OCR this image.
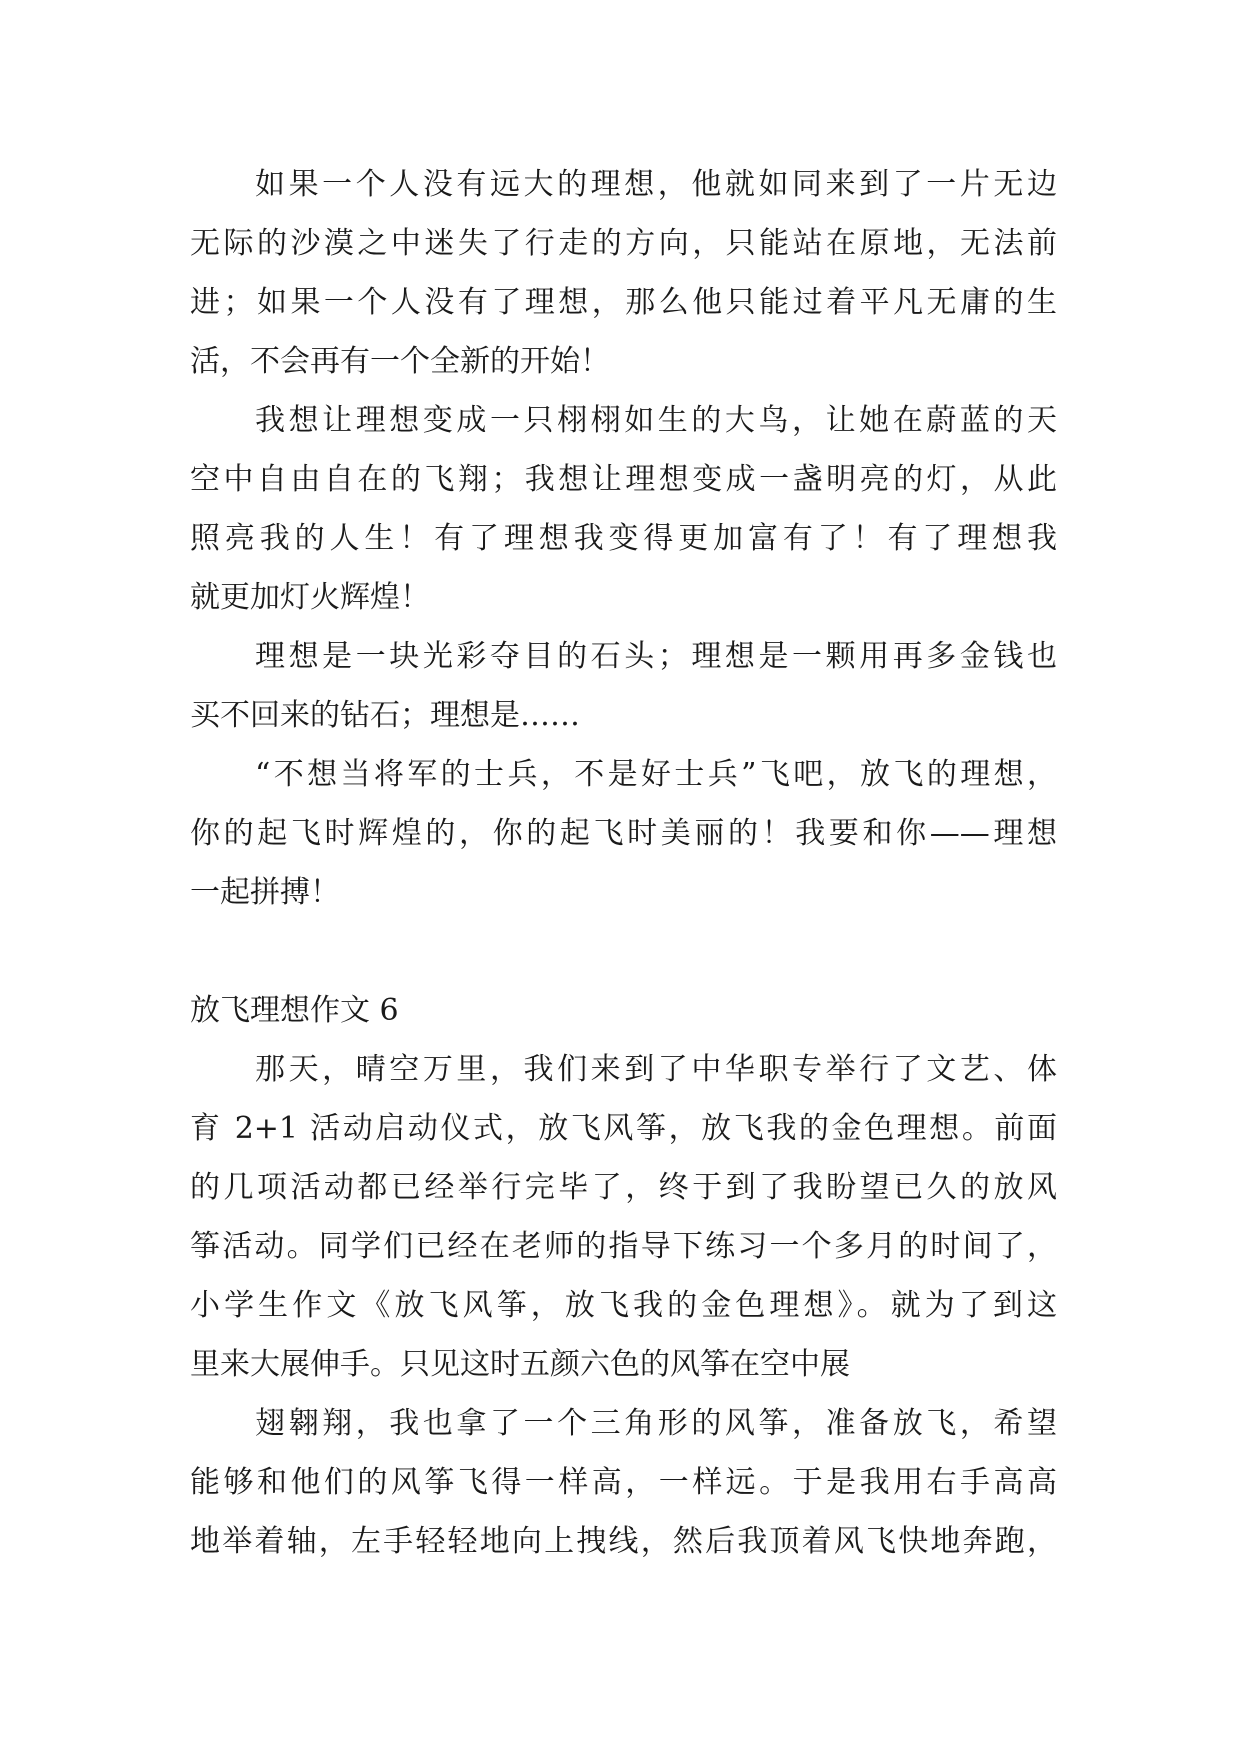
如果一个人没有远大的理想，他就如同来到了一片无边
无际的沙漠之中迷失了行走的方向，只能站在原地，无法前
进；如果一个人没有了理想，那么他只能过着平凡无庸的生
活，不会再有一个全新的开始！
我想让理想变成一只栩栩如生的大鸟，让她在蔚蓝的天
空中自由自在的飞翔；我想让理想变成一盏明亮的灯，从此
照亮我的人生！有了理想我变得更加富有了！有了理想我
就更加灯火辉煌！
理想是一块光彩夺目的石头；理想是一颗用再多金钱也
买不回来的钻石；理想是……
“不想当将军的士兵，不是好士兵”飞吧，放飞的理想，
你的起飞时辉煌的，你的起飞时美丽的！我要和你——理想
一起拼搏！
放飞理想作文 6
那天，晴空万里，我们来到了中华职专举行了文艺、体
育 2+1 活动启动仪式，放飞风筝，放飞我的金色理想。前面
的几项活动都已经举行完毕了，终于到了我盼望已久的放风
筝活动。同学们已经在老师的指导下练习一个多月的时间了，
小学生作文《放飞风筝，放飞我的金色理想》。就为了到这
里来大展伸手。只见这时五颜六色的风筝在空中展
翅翱翔，我也拿了一个三角形的风筝，准备放飞，希望
能够和他们的风筝飞得一样高，一样远。于是我用右手高高
地举着轴，左手轻轻地向上拽线，然后我顶着风飞快地奔跑，
